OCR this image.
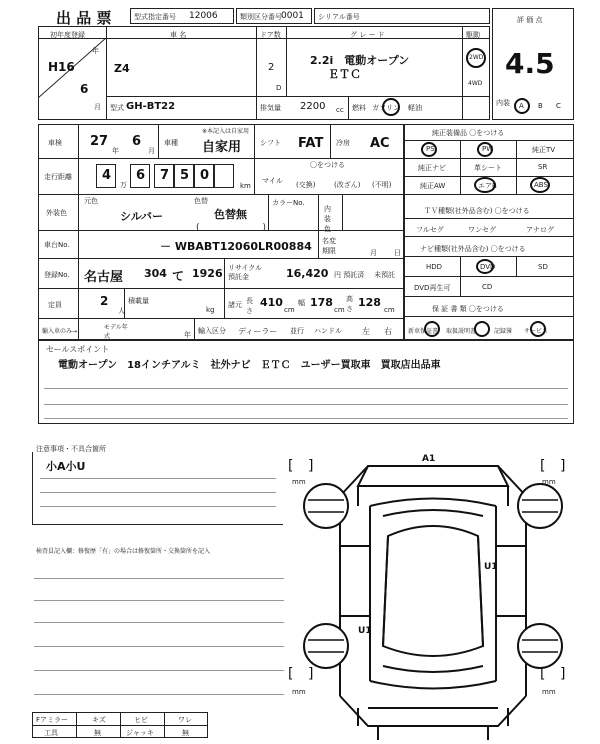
出 品 票	型式指定番号 12006	類別区分番号 0001 シリアル番号	評 価 点
4.5
初年度登録
H16
年
6
月
車 名
Z4
ドア数
2
D
グ レ ー ド
2.2i　電動オープン
ＥＴＣ
駆動
2WD
4WD
型式 GH-BT22	排気量 2200 cc 燃料 ガソリン 軽油
内装 A B C
車検 27
年
6
月
車種
※本記入は自家用
自家用	シフト FAT 冷房 AC
走行距離 4
万
6 7 5 0
km
〇をつける
マイル (交換)	(改ざん) (不明)
外装色
元色
シルバー
色替
色替無
(　　　　　　　)
カラーNo.
内装色
車台No.	－ WBABT12060LR00884 名変期限	月 日
登録No. 名古屋 304 て 1926 リサイクル預託金	16,420 円 預託済 未預託
定員	2
人
積載量
kg
諸元 長さ
410
cm
幅 178
cm
高さ 128
cm
輸入車のみ→
モデル年式	年 輸入区分 ディーラー 並行 ハンドル	左 右
純正装備品 〇をつける
PS	PW	純正TV
純正ナビ	革シート	SR
純正AW	エアB	ABS
ＴＶ種類(社外品含む) 〇をつける
フルセグ	ワンセグ	アナログ
ナビ種類(社外品含む) 〇をつける
HDD	DVD	SD
DVD再生可	CD
保 証 書 類 〇をつける
新車保証書 取扱説明書	記録簿 サービス
セールスポイント
電動オープン　18インチアルミ　社外ナビ　ＥＴＣ　ユーザー買取車　買取店出品車
注意事項・不具合箇所
小A小U
検査員記入欄：修復歴「有」の場合は修復箇所・交換箇所を記入
Fアミラー	キズ	ヒビ	ワレ
工具	無	ジャッキ	無
[ ]	[ ]
[ ]	[ ]
mm	mm
mm	mm
A1
U1
U1
